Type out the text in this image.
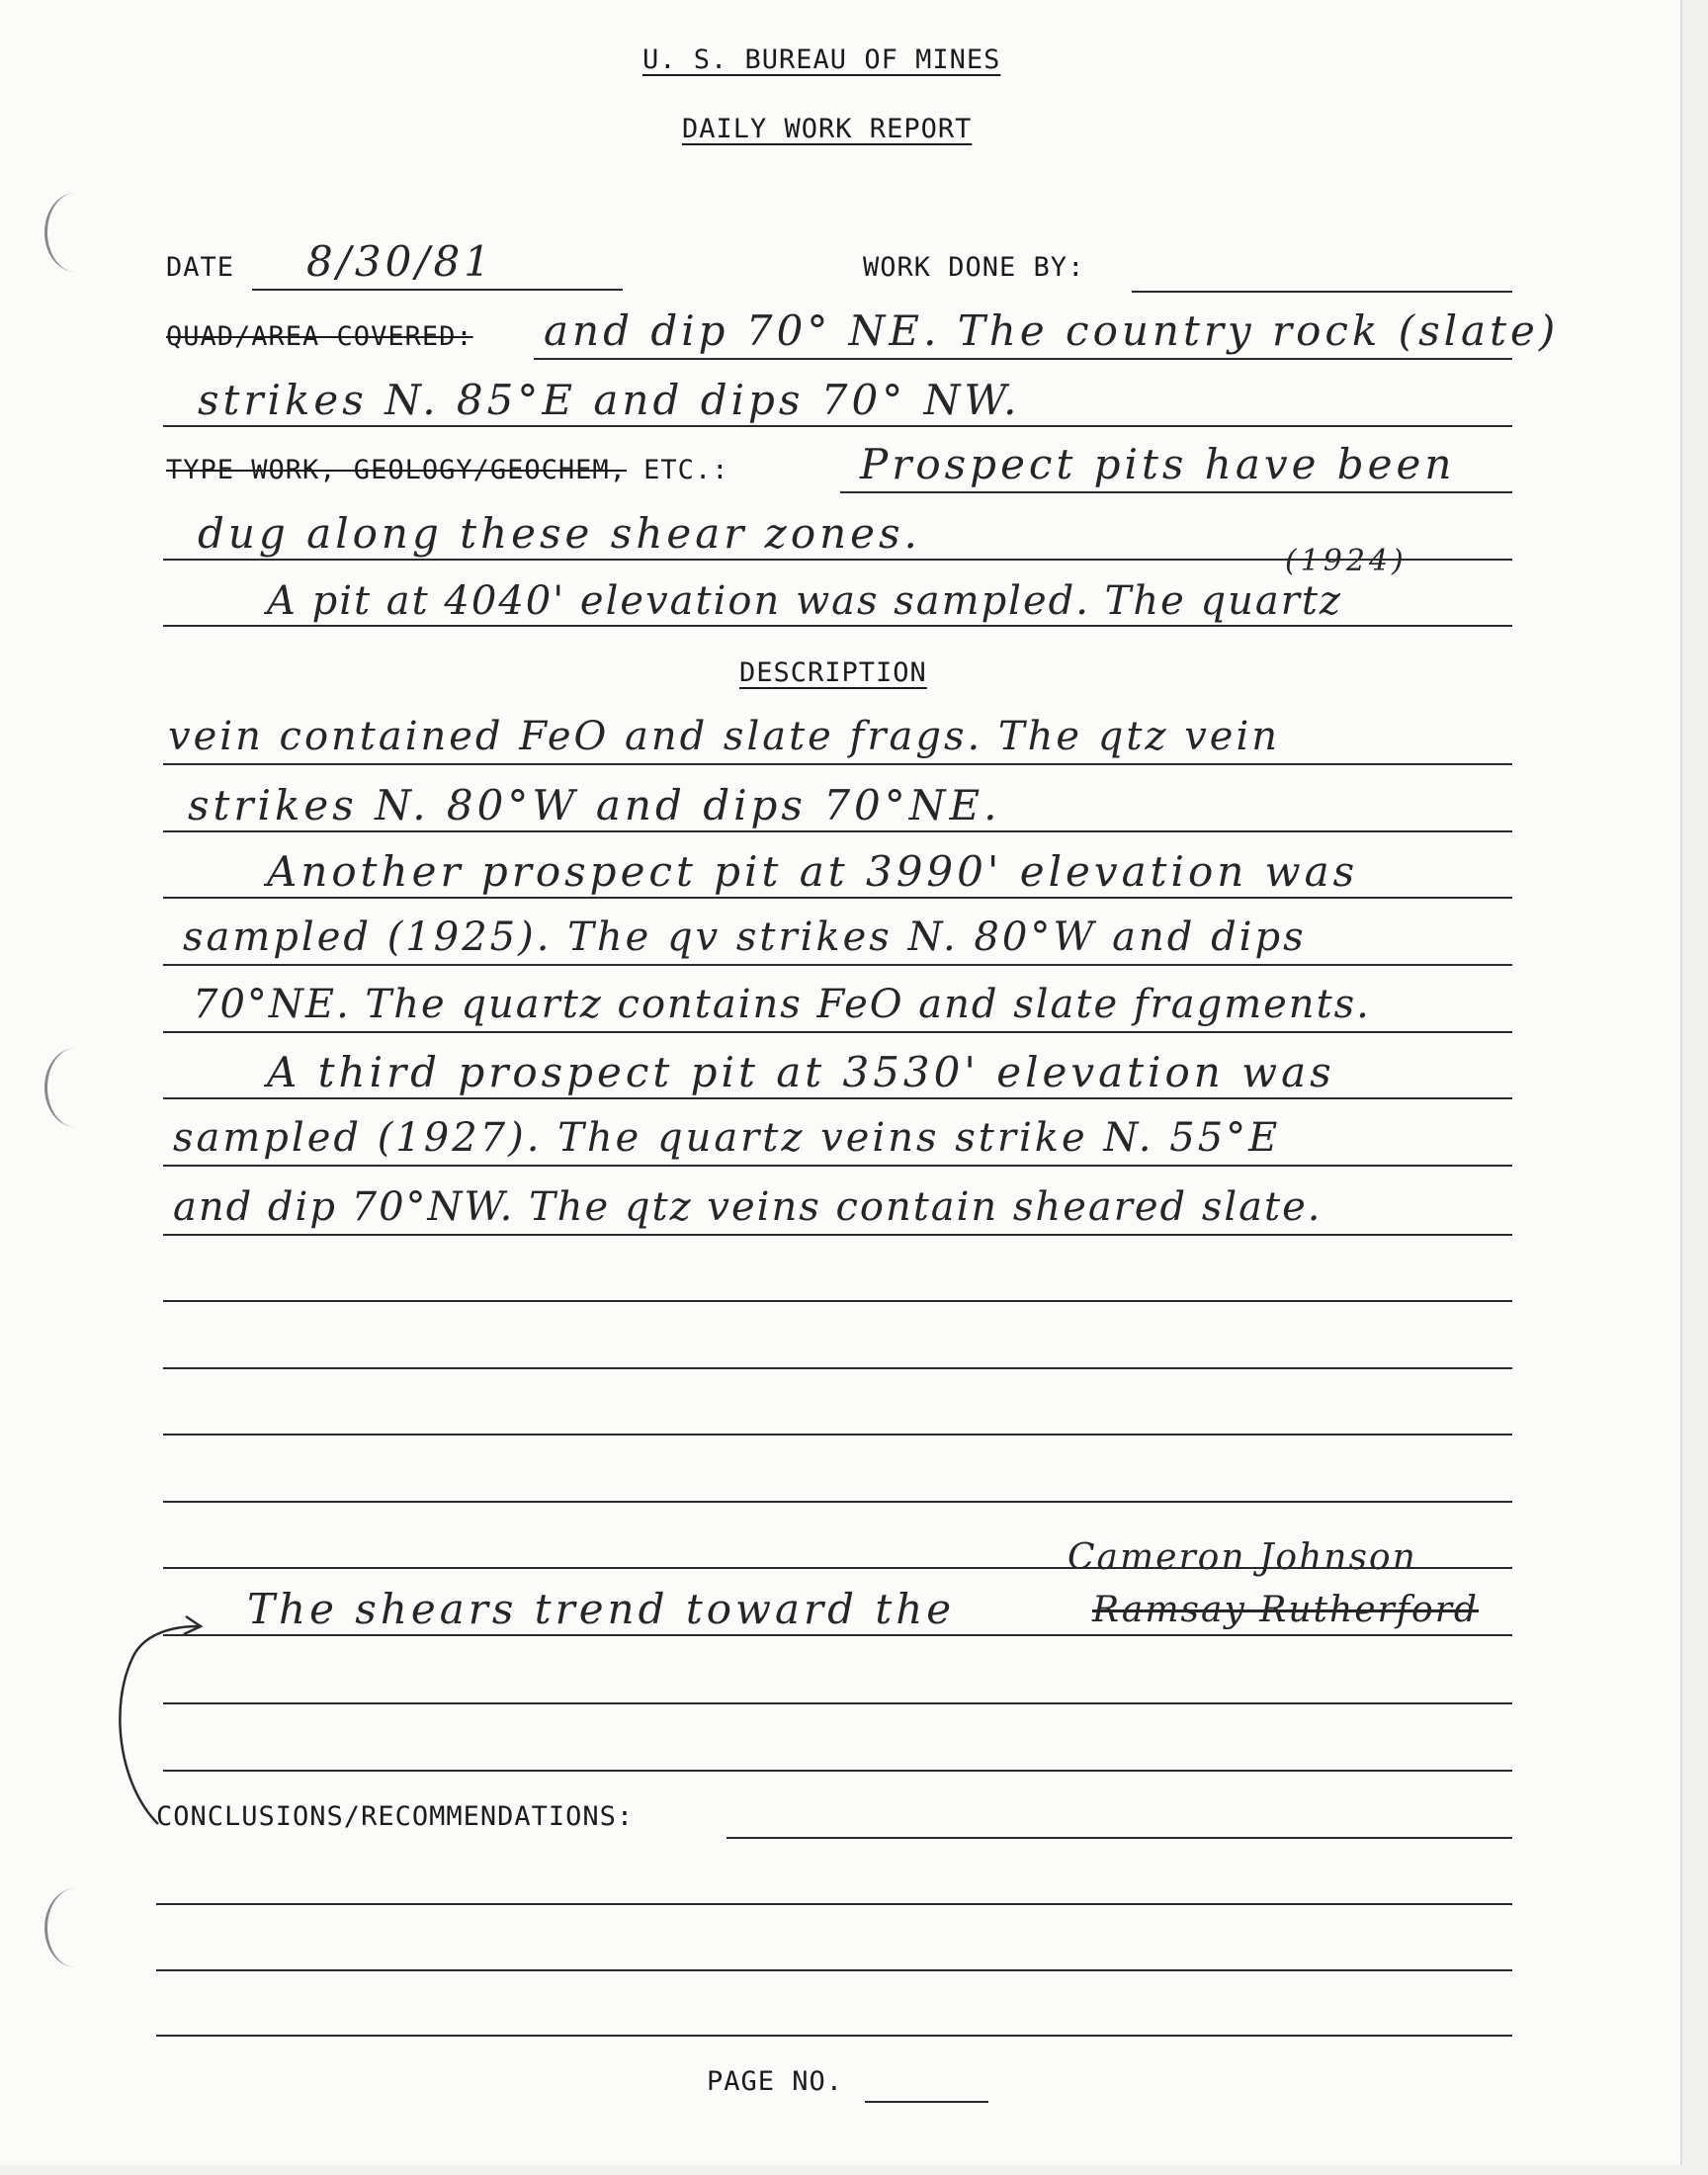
U. S. BUREAU OF MINES
DAILY WORK REPORT
DATE 8/30/81	WORK DONE BY:
QUAD/AREA COVERED: and dip 70° NE. The country rock (slate)
strikes N. 85°E and dips 70° NW.
TYPE WORK, GEOLOGY/GEOCHEM, ETC.:	Prospect pits have been
dug along these shear zones.
(1924)
A pit at 4040' elevation was sampled. The quartz
DESCRIPTION
vein contained FeO and slate frags. The qtz vein
strikes N. 80°W and dips 70°NE.
Another prospect pit at 3990' elevation was
sampled (1925). The qv strikes N. 80°W and dips
70°NE. The quartz contains FeO and slate fragments.
A third prospect pit at 3530' elevation was
sampled (1927). The quartz veins strike N. 55°E
and dip 70°NW. The qtz veins contain sheared slate.
The shears trend toward the	Ramsay Rutherford
Cameron Johnson
CONCLUSIONS/RECOMMENDATIONS:
PAGE NO.
